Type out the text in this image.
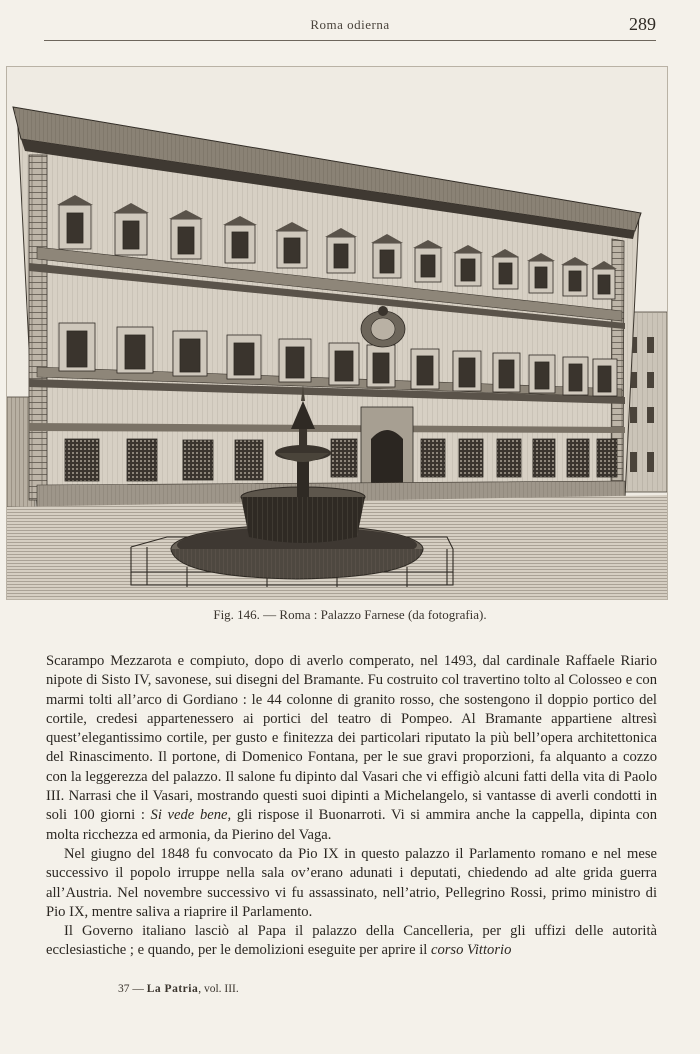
Roma odierna	289
Fig. 146. — Roma : Palazzo Farnese (da fotografia).

Scarampo Mezzarota e compiuto, dopo di averlo comperato, nel 1493, dal cardinale Raffaele Riario nipote di Sisto IV, savonese, sui disegni del Bramante. Fu costruito col travertino tolto al Colosseo e con marmi tolti all’arco di Gordiano : le 44 colonne di granito rosso, che sostengono il doppio portico del cortile, credesi appartenessero ai portici del teatro di Pompeo. Al Bramante appartiene altresì quest’elegantissimo cortile, per gusto e finitezza dei particolari riputato la più bell’opera architettonica del Rinascimento. Il portone, di Domenico Fontana, per le sue gravi proporzioni, fa alquanto a cozzo con la leggerezza del palazzo. Il salone fu dipinto dal Vasari che vi effigiò alcuni fatti della vita di Paolo III. Narrasi che il Vasari, mostrando questi suoi dipinti a Michelangelo, si vantasse di averli condotti in soli 100 giorni : Si vede bene, gli rispose il Buonarroti. Vi si ammira anche la cappella, dipinta con molta ricchezza ed armonia, da Pierino del Vaga.

Nel giugno del 1848 fu convocato da Pio IX in questo palazzo il Parlamento romano e nel mese successivo il popolo irruppe nella sala ov’erano adunati i deputati, chiedendo ad alte grida guerra all’Austria. Nel novembre successivo vi fu assassinato, nell’atrio, Pellegrino Rossi, primo ministro di Pio IX, mentre saliva a riaprire il Parlamento.

Il Governo italiano lasciò al Papa il palazzo della Cancelleria, per gli uffizi delle autorità ecclesiastiche ; e quando, per le demolizioni eseguite per aprire il corso Vittorio

37 — La Patria, vol. III.
